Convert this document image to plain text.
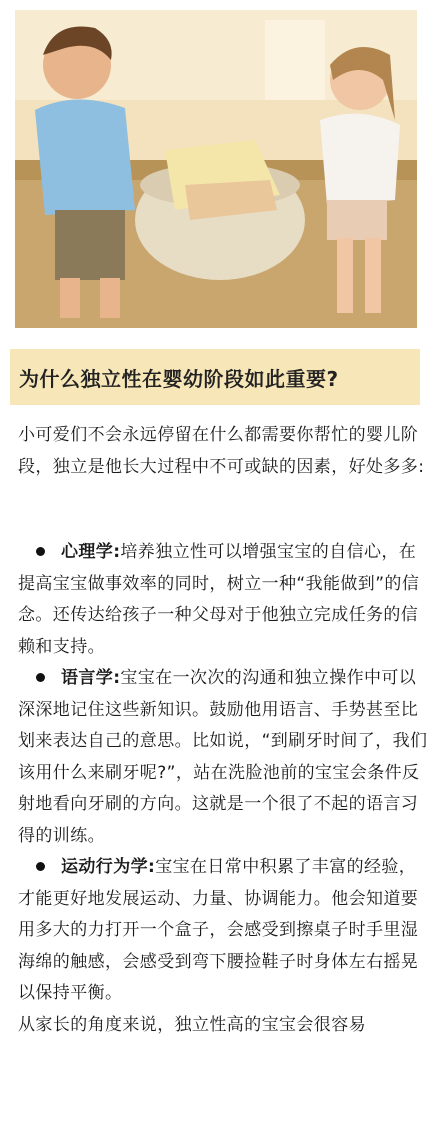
为什么独立性在婴幼阶段如此重要?

小可爱们不会永远停留在什么都需要你帮忙的婴儿阶段，独立是他长大过程中不可或缺的因素，好处多多:

心理学:培养独立性可以增强宝宝的自信心，在提高宝宝做事效率的同时，树立一种“我能做到”的信念。还传达给孩子一种父母对于他独立完成任务的信赖和支持。

语言学:宝宝在一次次的沟通和独立操作中可以深深地记住这些新知识。鼓励他用语言、手势甚至比划来表达自己的意思。比如说，“到刷牙时间了，我们该用什么来刷牙呢?”，站在洗脸池前的宝宝会条件反射地看向牙刷的方向。这就是一个很了不起的语言习得的训练。

运动行为学:宝宝在日常中积累了丰富的经验，才能更好地发展运动、力量、协调能力。他会知道要用多大的力打开一个盒子，会感受到擦桌子时手里湿海绵的触感，会感受到弯下腰捡鞋子时身体左右摇晃以保持平衡。

从家长的角度来说，独立性高的宝宝会很容易
